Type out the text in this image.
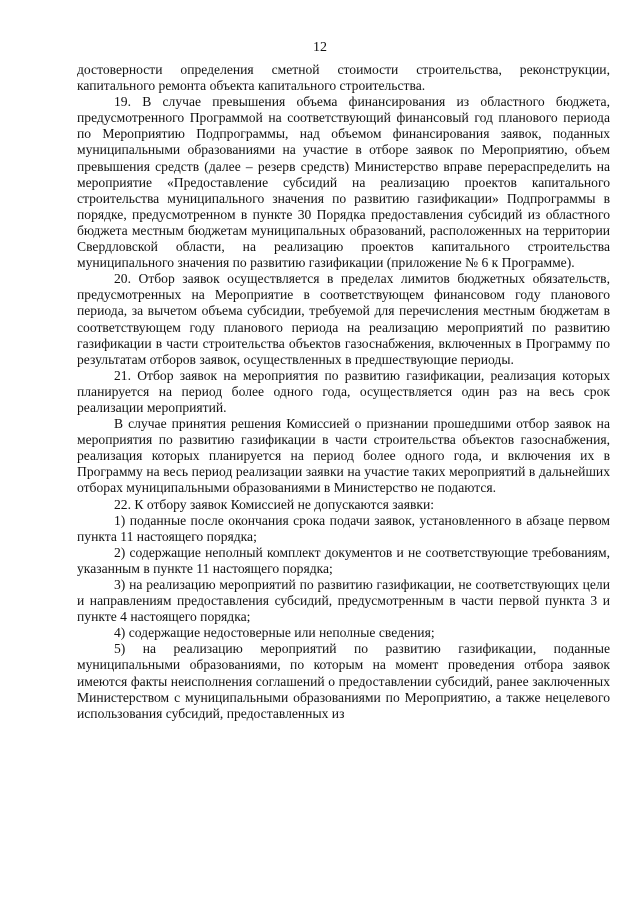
12

достоверности определения сметной стоимости строительства, реконструкции, капитального ремонта объекта капитального строительства.

19. В случае превышения объема финансирования из областного бюджета, предусмотренного Программой на соответствующий финансовый год планового периода по Мероприятию Подпрограммы, над объемом финансирования заявок, поданных муниципальными образованиями на участие в отборе заявок по Мероприятию, объем превышения средств (далее – резерв средств) Министерство вправе перераспределить на мероприятие «Предоставление субсидий на реализацию проектов капитального строительства муниципального значения по развитию газификации» Подпрограммы в порядке, предусмотренном в пункте 30 Порядка предоставления субсидий из областного бюджета местным бюджетам муниципальных образований, расположенных на территории Свердловской области, на реализацию проектов капитального строительства муниципального значения по развитию газификации (приложение № 6 к Программе).

20. Отбор заявок осуществляется в пределах лимитов бюджетных обязательств, предусмотренных на Мероприятие в соответствующем финансовом году планового периода, за вычетом объема субсидии, требуемой для перечисления местным бюджетам в соответствующем году планового периода на реализацию мероприятий по развитию газификации в части строительства объектов газоснабжения, включенных в Программу по результатам отборов заявок, осуществленных в предшествующие периоды.

21. Отбор заявок на мероприятия по развитию газификации, реализация которых планируется на период более одного года, осуществляется один раз на весь срок реализации мероприятий.

В случае принятия решения Комиссией о признании прошедшими отбор заявок на мероприятия по развитию газификации в части строительства объектов газоснабжения, реализация которых планируется на период более одного года, и включения их в Программу на весь период реализации заявки на участие таких мероприятий в дальнейших отборах муниципальными образованиями в Министерство не подаются.

22. К отбору заявок Комиссией не допускаются заявки:

1) поданные после окончания срока подачи заявок, установленного в абзаце первом пункта 11 настоящего порядка;

2) содержащие неполный комплект документов и не соответствующие требованиям, указанным в пункте 11 настоящего порядка;

3) на реализацию мероприятий по развитию газификации, не соответствующих цели и направлениям предоставления субсидий, предусмотренным в части первой пункта 3 и пункте 4 настоящего порядка;

4) содержащие недостоверные или неполные сведения;

5) на реализацию мероприятий по развитию газификации, поданные муниципальными образованиями, по которым на момент проведения отбора заявок имеются факты неисполнения соглашений о предоставлении субсидий, ранее заключенных Министерством с муниципальными образованиями по Мероприятию, а также нецелевого использования субсидий, предоставленных из
